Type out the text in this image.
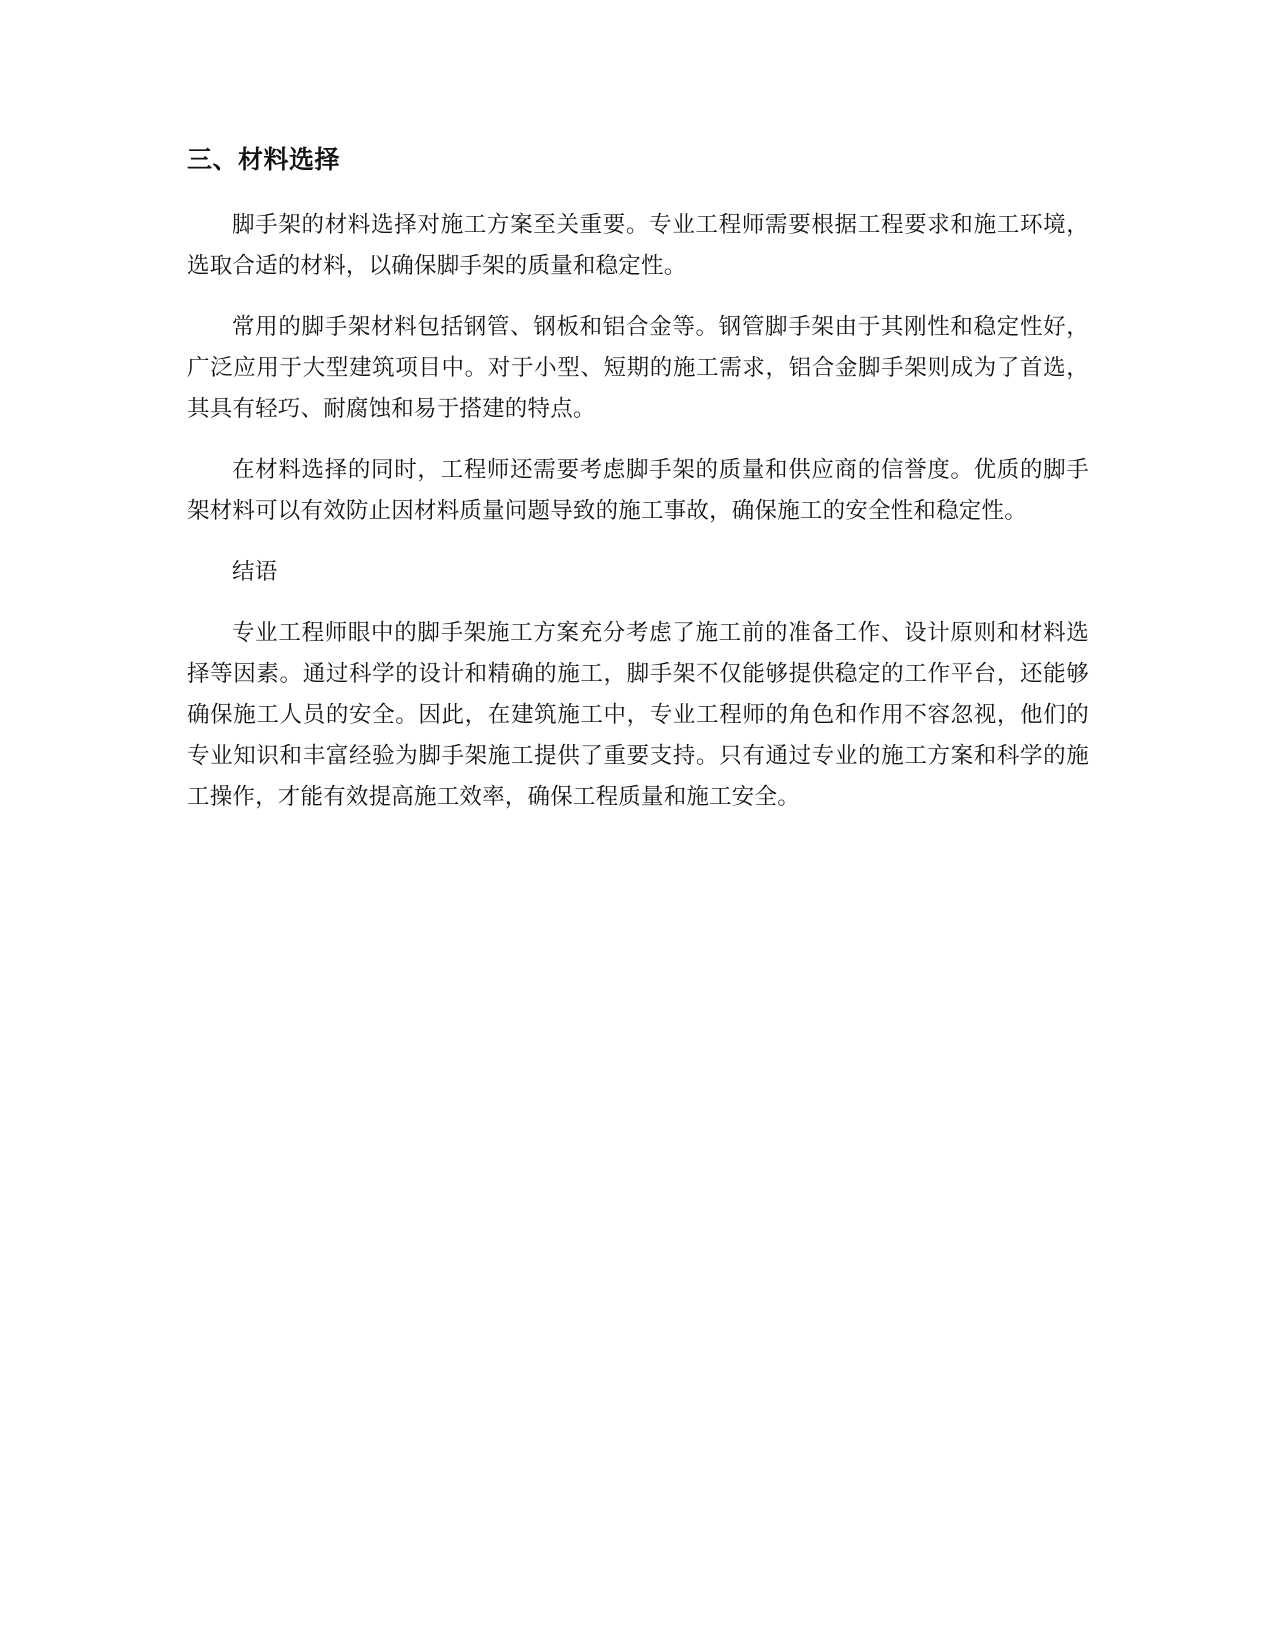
三、材料选择

脚手架的材料选择对施工方案至关重要。专业工程师需要根据工程要求和施工环境，选取合适的材料，以确保脚手架的质量和稳定性。

常用的脚手架材料包括钢管、钢板和铝合金等。钢管脚手架由于其刚性和稳定性好，广泛应用于大型建筑项目中。对于小型、短期的施工需求，铝合金脚手架则成为了首选，其具有轻巧、耐腐蚀和易于搭建的特点。

在材料选择的同时，工程师还需要考虑脚手架的质量和供应商的信誉度。优质的脚手架材料可以有效防止因材料质量问题导致的施工事故，确保施工的安全性和稳定性。

结语

专业工程师眼中的脚手架施工方案充分考虑了施工前的准备工作、设计原则和材料选择等因素。通过科学的设计和精确的施工，脚手架不仅能够提供稳定的工作平台，还能够确保施工人员的安全。因此，在建筑施工中，专业工程师的角色和作用不容忽视，他们的专业知识和丰富经验为脚手架施工提供了重要支持。只有通过专业的施工方案和科学的施工操作，才能有效提高施工效率，确保工程质量和施工安全。
